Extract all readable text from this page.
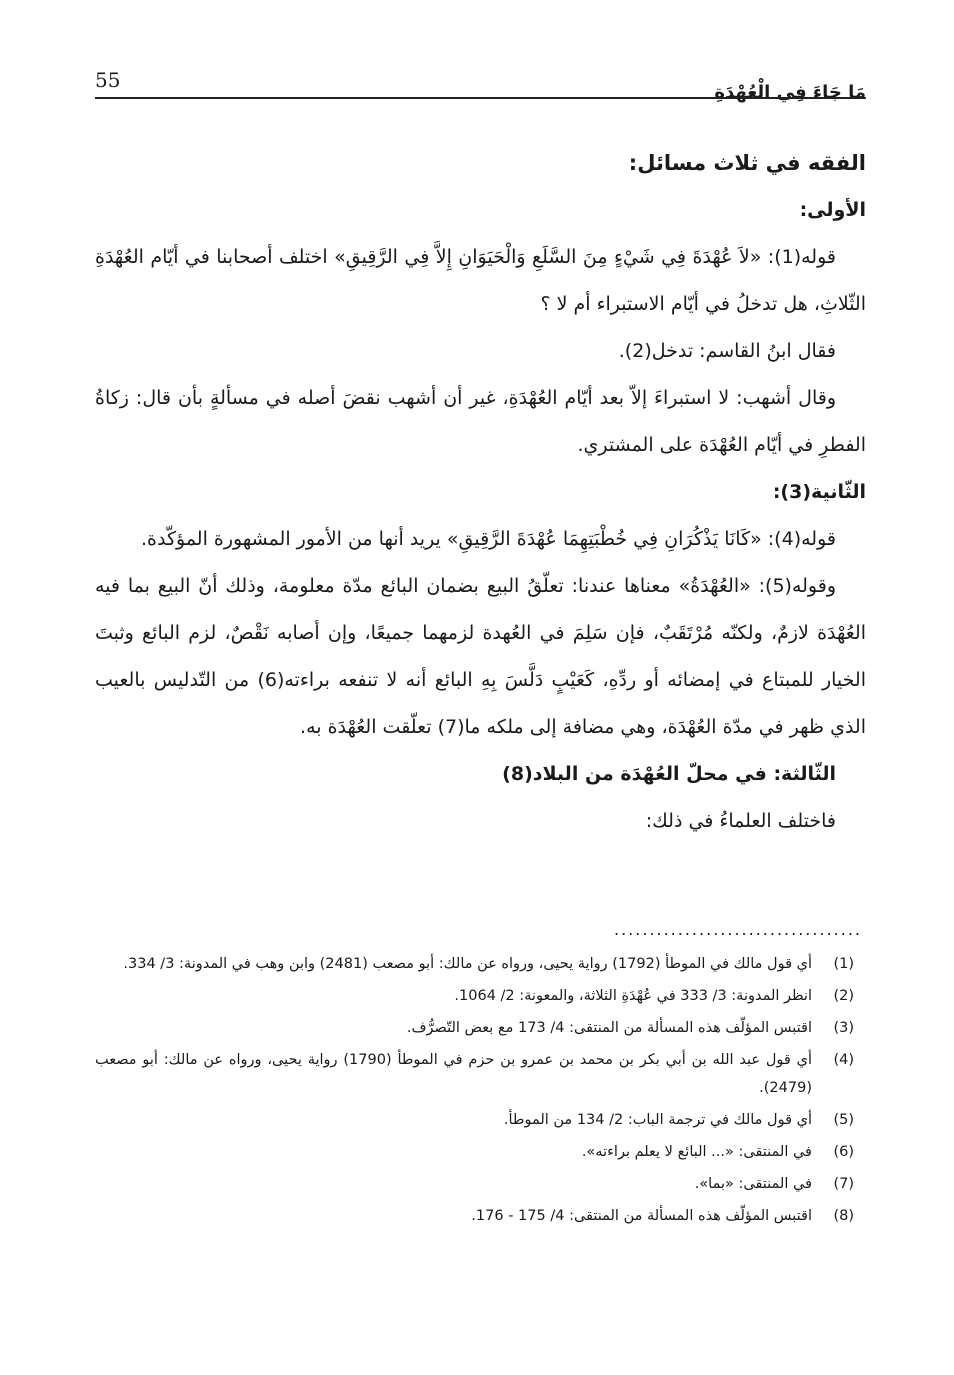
55
مَا جَاءَ فِي الْعُهْدَةِ

الفقه في ثلاث مسائل:

الأولى:

قوله(1): «لاَ عُهْدَةَ فِي شَيْءٍ مِنَ السَّلَعِ وَالْحَيَوَانِ إِلاَّ فِي الرَّقِيقِ» اختلف أصحابنا في أيّام العُهْدَةِ الثّلاثِ، هل تدخلُ في أيّام الاستبراء أم لا ؟

فقال ابنُ القاسم: تدخل(2).

وقال أشهب: لا استبراءَ إلاّ بعد أيّام العُهْدَةِ، غير أن أشهب نقضَ أصله في مسألةٍ بأن قال: زكاةُ الفطرِ في أيّام العُهْدَة على المشتري.

الثّانية(3):

قوله(4): «كَانَا يَذْكُرَانِ فِي خُطْبَتِهِمَا عُهْدَةَ الرَّقِيقِ» يريد أنها من الأمور المشهورة المؤكّدة.

وقوله(5): «العُهْدَةُ» معناها عندنا: تعلّقُ البيع بضمان البائع مدّة معلومة، وذلك أنّ البيع بما فيه العُهْدَة لازمٌ، ولكنّه مُرْتَقَبٌ، فإن سَلِمَ في العُهدة لزمهما جميعًا، وإن أصابه نَقْصٌ، لزم البائع وثبتَ الخيار للمبتاع في إمضائه أو ردِّهِ، كَعَيْبٍ دَلَّسَ بِهِ البائع أنه لا تنفعه براءته(6) من التّدليس بالعيب الذي ظهر في مدّة العُهْدَة، وهي مضافة إلى ملكه ما(7) تعلّقت العُهْدَة به.

الثّالثة: في محلّ العُهْدَة من البلاد(8)

فاختلف العلماءُ في ذلك:

...................................
(1)
أي قول مالك في الموطأ (1792) رواية يحيى، ورواه عن مالك: أبو مصعب (2481) وابن وهب في المدونة: 3/ 334.
(2)
انظر المدونة: 3/ 333 في عُهْدَةِ الثلاثة، والمعونة: 2/ 1064.
(3)
اقتبس المؤلّف هذه المسألة من المنتقى: 4/ 173 مع بعض التّصرُّف.
(4)
أي قول عبد الله بن أبي بكر بن محمد بن عمرو بن حزم في الموطأ (1790) رواية يحيى، ورواه عن مالك: أبو مصعب (2479).
(5)
أي قول مالك في ترجمة الباب: 2/ 134 من الموطأ.
(6)
في المنتقى: «... البائع لا يعلم براءته».
(7)
في المنتقى: «بما».
(8)
اقتبس المؤلّف هذه المسألة من المنتقى: 4/ 175 - 176.
